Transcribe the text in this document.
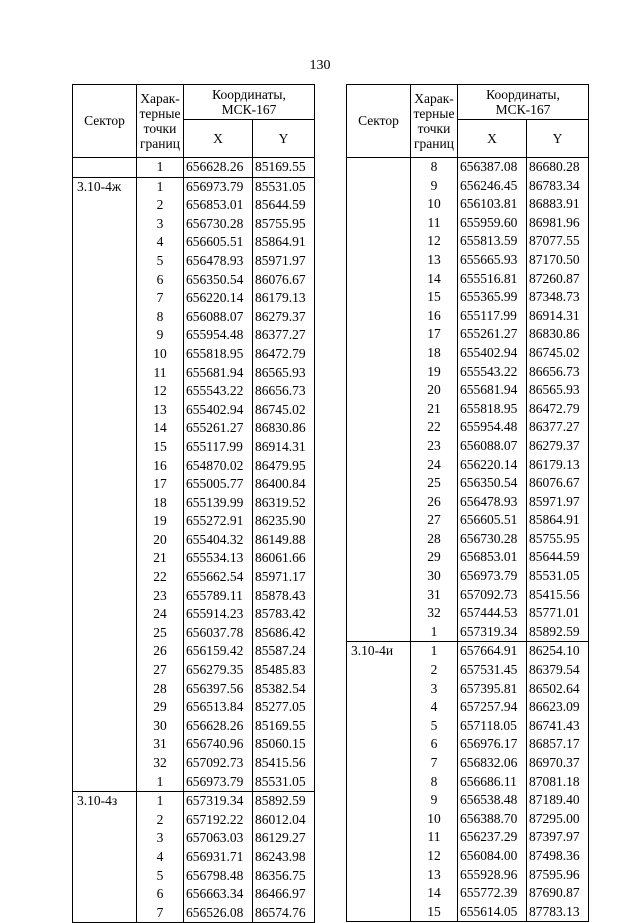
130
Сектор	Харак-терные точки границ	Координаты, МСК-167	
		X	Y
	1	656628.26	85169.55
3.10-4ж	1	656973.79	85531.05
	2	656853.01	85644.59
	3	656730.28	85755.95
	4	656605.51	85864.91
	5	656478.93	85971.97
	6	656350.54	86076.67
	7	656220.14	86179.13
	8	656088.07	86279.37
	9	655954.48	86377.27
	10	655818.95	86472.79
	11	655681.94	86565.93
	12	655543.22	86656.73
	13	655402.94	86745.02
	14	655261.27	86830.86
	15	655117.99	86914.31
	16	654870.02	86479.95
	17	655005.77	86400.84
	18	655139.99	86319.52
	19	655272.91	86235.90
	20	655404.32	86149.88
	21	655534.13	86061.66
	22	655662.54	85971.17
	23	655789.11	85878.43
	24	655914.23	85783.42
	25	656037.78	85686.42
	26	656159.42	85587.24
	27	656279.35	85485.83
	28	656397.56	85382.54
	29	656513.84	85277.05
	30	656628.26	85169.55
	31	656740.96	85060.15
	32	657092.73	85415.56
	1	656973.79	85531.05
3.10-4з	1	657319.34	85892.59
	2	657192.22	86012.04
	3	657063.03	86129.27
	4	656931.71	86243.98
	5	656798.48	86356.75
	6	656663.34	86466.97
	7	656526.08	86574.76
Сектор	Харак-терные точки границ	Координаты, МСК-167	
		X	Y
	8	656387.08	86680.28
	9	656246.45	86783.34
	10	656103.81	86883.91
	11	655959.60	86981.96
	12	655813.59	87077.55
	13	655665.93	87170.50
	14	655516.81	87260.87
	15	655365.99	87348.73
	16	655117.99	86914.31
	17	655261.27	86830.86
	18	655402.94	86745.02
	19	655543.22	86656.73
	20	655681.94	86565.93
	21	655818.95	86472.79
	22	655954.48	86377.27
	23	656088.07	86279.37
	24	656220.14	86179.13
	25	656350.54	86076.67
	26	656478.93	85971.97
	27	656605.51	85864.91
	28	656730.28	85755.95
	29	656853.01	85644.59
	30	656973.79	85531.05
	31	657092.73	85415.56
	32	657444.53	85771.01
	1	657319.34	85892.59
3.10-4и	1	657664.91	86254.10
	2	657531.45	86379.54
	3	657395.81	86502.64
	4	657257.94	86623.09
	5	657118.05	86741.43
	6	656976.17	86857.17
	7	656832.06	86970.37
	8	656686.11	87081.18
	9	656538.48	87189.40
	10	656388.70	87295.00
	11	656237.29	87397.97
	12	656084.00	87498.36
	13	655928.96	87595.96
	14	655772.39	87690.87
	15	655614.05	87783.13
